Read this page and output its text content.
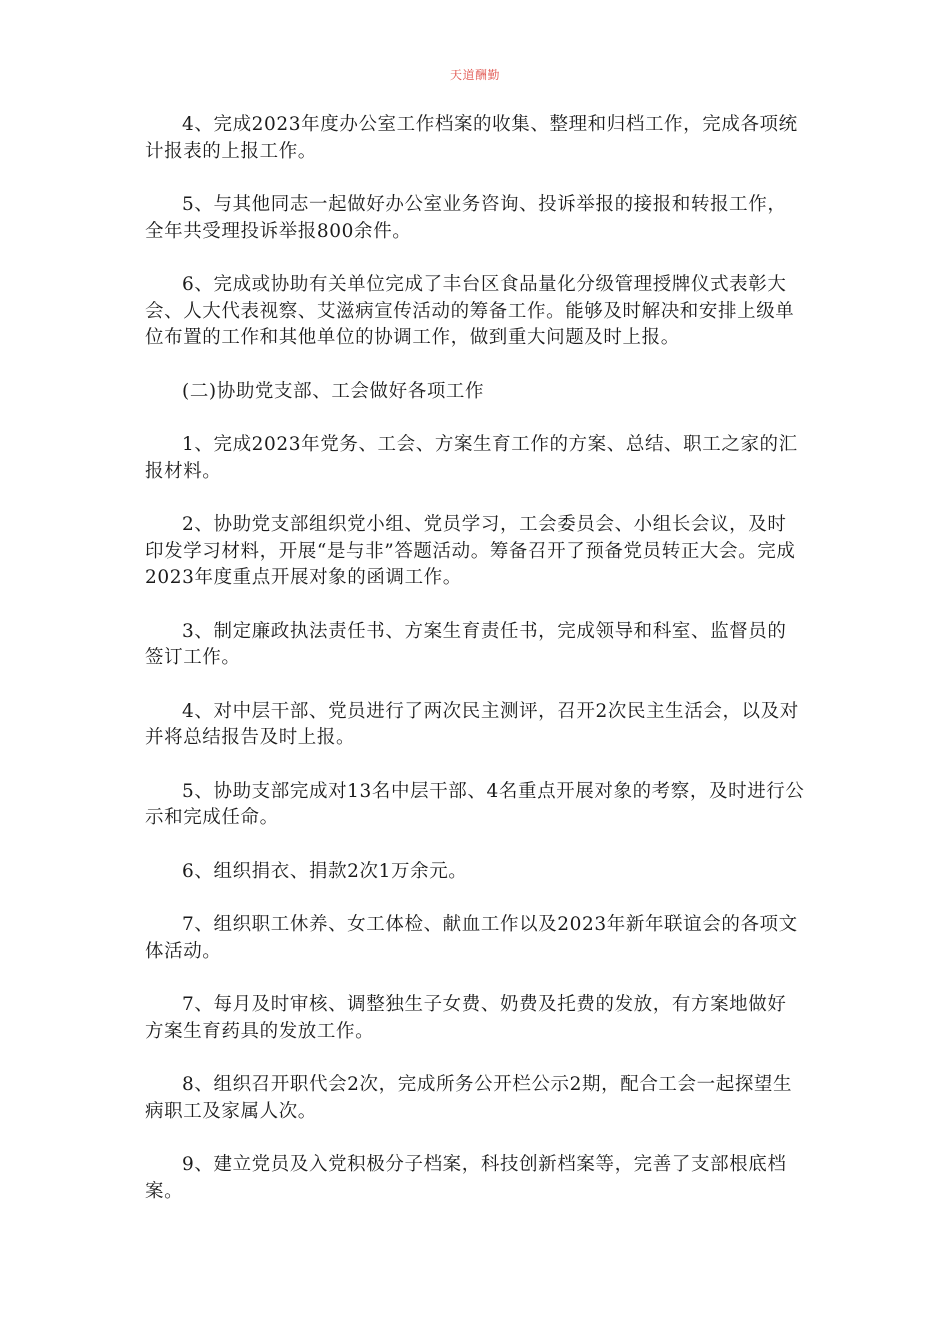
天道酬勤

4、完成2023年度办公室工作档案的收集、整理和归档工作，完成各项统计报表的上报工作。

5、与其他同志一起做好办公室业务咨询、投诉举报的接报和转报工作，全年共受理投诉举报800余件。

6、完成或协助有关单位完成了丰台区食品量化分级管理授牌仪式表彰大会、人大代表视察、艾滋病宣传活动的筹备工作。能够及时解决和安排上级单位布置的工作和其他单位的协调工作，做到重大问题及时上报。

(二)协助党支部、工会做好各项工作

1、完成2023年党务、工会、方案生育工作的方案、总结、职工之家的汇报材料。

2、协助党支部组织党小组、党员学习，工会委员会、小组长会议，及时印发学习材料，开展“是与非”答题活动。筹备召开了预备党员转正大会。完成2023年度重点开展对象的函调工作。

3、制定廉政执法责任书、方案生育责任书，完成领导和科室、监督员的签订工作。

4、对中层干部、党员进行了两次民主测评，召开2次民主生活会，以及对并将总结报告及时上报。

5、协助支部完成对13名中层干部、4名重点开展对象的考察，及时进行公示和完成任命。

6、组织捐衣、捐款2次1万余元。

7、组织职工休养、女工体检、献血工作以及2023年新年联谊会的各项文体活动。

7、每月及时审核、调整独生子女费、奶费及托费的发放，有方案地做好方案生育药具的发放工作。

8、组织召开职代会2次，完成所务公开栏公示2期，配合工会一起探望生病职工及家属人次。

9、建立党员及入党积极分子档案，科技创新档案等，完善了支部根底档案。
